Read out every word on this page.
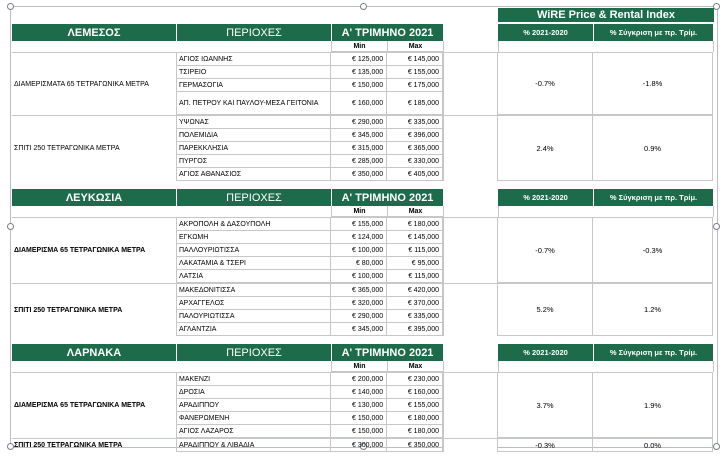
WiRE Price & Rental Index
ΛΕΜΕΣΟΣ	ΠΕΡΙΟΧΕΣ	Α' ΤΡΙΜΗΝΟ 2021	% 2021-2020	% Σύγκριση με πρ. Τρίμ.
Min	Max
ΔΙΑΜΕΡΙΣΜΑΤΑ 65 ΤΕΤΡΑΓΩΝΙΚΑ ΜΕΤΡΑ
ΑΓΙΟΣ ΙΩΑΝΝΗΣ	€ 125,000	€ 145,000
ΤΣΙΡΕΙΟ	€ 135,000	€ 155,000
ΓΕΡΜΑΣΟΓΙΑ	€ 150,000	€ 175,000
ΑΠ. ΠΕΤΡΟΥ ΚΑΙ ΠΑΥΛΟΥ-ΜΕΣΑ ΓΕΙΤΟΝΙΑ	€ 160,000	€ 185,000
-0.7%	-1.8%
ΣΠΙΤΙ 250 ΤΕΤΡΑΓΩΝΙΚΑ ΜΕΤΡΑ
ΥΨΩΝΑΣ	€ 290,000	€ 335,000
ΠΟΛΕΜΙΔΙΑ	€ 345,000	€ 396,000
ΠΑΡΕΚΚΛΗΣΙΑ	€ 315,000	€ 365,000
ΠΥΡΓΟΣ	€ 285,000	€ 330,000
ΑΓΙΟΣ ΑΘΑΝΑΣΙΟΣ	€ 350,000	€ 405,000
2.4%	0.9%
ΛΕΥΚΩΣΙΑ	ΠΕΡΙΟΧΕΣ	Α' ΤΡΙΜΗΝΟ 2021	% 2021-2020	% Σύγκριση με πρ. Τρίμ.
Min	Max
ΔΙΑΜΕΡΙΣΜΑ 65 ΤΕΤΡΑΓΩΝΙΚΑ ΜΕΤΡΑ
ΑΚΡΟΠΟΛΗ & ΔΑΣΟΥΠΟΛΗ	€ 155,000	€ 180,000
ΕΓΚΩΜΗ	€ 124,000	€ 145,000
ΠΑΛΛΟΥΡΙΩΤΙΣΣΑ	€ 100,000	€ 115,000
ΛΑΚΑΤΑΜΙΑ & ΤΣΕΡΙ	€ 80,000	€ 95,000
ΛΑΤΣΙΑ	€ 100,000	€ 115,000
-0.7%	-0.3%
ΣΠΙΤΙ 250 ΤΕΤΡΑΓΩΝΙΚΑ ΜΕΤΡΑ
ΜΑΚΕΔΟΝΙΤΙΣΣΑ	€ 365,000	€ 420,000
ΑΡΧΑΓΓΕΛΟΣ	€ 320,000	€ 370,000
ΠΑΛΟΥΡΙΩΤΙΣΣΑ	€ 290,000	€ 335,000
ΑΓΛΑΝΤΖΙΑ	€ 345,000	€ 395,000
5.2%	1.2%
ΛΑΡΝΑΚΑ	ΠΕΡΙΟΧΕΣ	Α' ΤΡΙΜΗΝΟ 2021	% 2021-2020	% Σύγκριση με πρ. Τρίμ.
Min	Max
ΔΙΑΜΕΡΙΣΜΑ 65 ΤΕΤΡΑΓΩΝΙΚΑ ΜΕΤΡΑ
ΜΑΚΕΝΖΙ	€ 200,000	€ 230,000
ΔΡΟΣΙΑ	€ 140,000	€ 160,000
ΑΡΑΔΙΠΠΟΥ	€ 130,000	€ 155,000
ΦΑΝΕΡΩΜΕΝΗ	€ 150,000	€ 180,000
ΑΓΙΟΣ ΛΑΖΑΡΟΣ	€ 150,000	€ 180,000
3.7%	1.9%
ΣΠΙΤΙ 250 ΤΕΤΡΑΓΩΝΙΚΑ ΜΕΤΡΑ	ΑΡΑΔΙΠΠΟΥ & ΛΙΒΑΔΙΑ	€ 300,000	€ 350,000	-0.3%	0.0%
